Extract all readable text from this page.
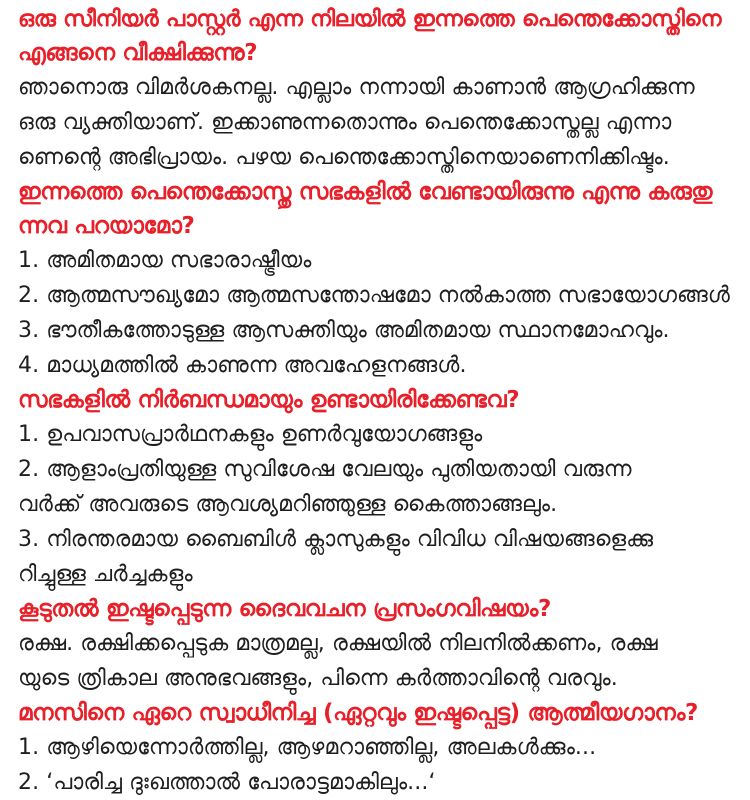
ഒരു സീനിയർ പാസ്റ്റർ എന്ന നിലയിൽ ഇന്നത്തെ പെന്തെക്കോസ്തിനെ

എങ്ങനെ വീക്ഷിക്കുന്നു?

ഞാനൊരു വിമർശകനല്ല. എല്ലാം നന്നായി കാണാൻ ആഗ്രഹിക്കുന്ന

ഒരു വ്യക്തിയാണ്. ഇക്കാണുന്നതൊന്നും പെന്തെക്കോസ്തല്ല എന്നാ

ണെന്റെ അഭിപ്രായം. പഴയ പെന്തെക്കോസ്തിനെയാണെനിക്കിഷ്ടം.

ഇന്നത്തെ പെന്തെക്കോസ്തു സഭകളിൽ വേണ്ടായിരുന്നു എന്നു കരുതു

ന്നവ പറയാമോ?

1. അമിതമായ സഭാരാഷ്ട്രീയം

2. ആത്മസൗഖ്യമോ ആത്മസന്തോഷമോ നൽകാത്ത സഭായോഗങ്ങൾ

3. ഭൗതീകത്തോടുള്ള ആസക്തിയും അമിതമായ സ്ഥാനമോഹവും.

4. മാധ്യമത്തിൽ കാണുന്ന അവഹേളനങ്ങൾ.

സഭകളിൽ നിർബന്ധമായും ഉണ്ടായിരിക്കേണ്ടവ?

1. ഉപവാസപ്രാർഥനകളും ഉണർവുയോഗങ്ങളും

2. ആളാംപ്രതിയുള്ള സുവിശേഷ വേലയും പുതിയതായി വരുന്ന

വർക്ക് അവരുടെ ആവശ്യമറിഞ്ഞുള്ള കൈത്താങ്ങലും.

3. നിരന്തരമായ ബൈബിൾ ക്ലാസുകളും വിവിധ വിഷയങ്ങളെക്കു

റിച്ചുള്ള ചർച്ചകളും

കൂടുതൽ ഇഷ്ടപ്പെടുന്ന ദൈവവചന പ്രസംഗവിഷയം?

രക്ഷ. രക്ഷിക്കപ്പെടുക മാത്രമല്ല, രക്ഷയിൽ നിലനിൽക്കണം, രക്ഷ

യുടെ ത്രികാല അനുഭവങ്ങളും, പിന്നെ കർത്താവിന്റെ വരവും.

മനസിനെ ഏറെ സ്വാധീനിച്ച (ഏറ്റവും ഇഷ്ടപ്പെട്ട) ആത്മീയഗാനം?

1. ആഴിയെന്നോർത്തില്ല, ആഴമറാഞ്ഞില്ല, അലകൾക്കും...

2. ‘പാരിച്ച ദുഃഖത്താൽ പോരാട്ടമാകിലും...‘
